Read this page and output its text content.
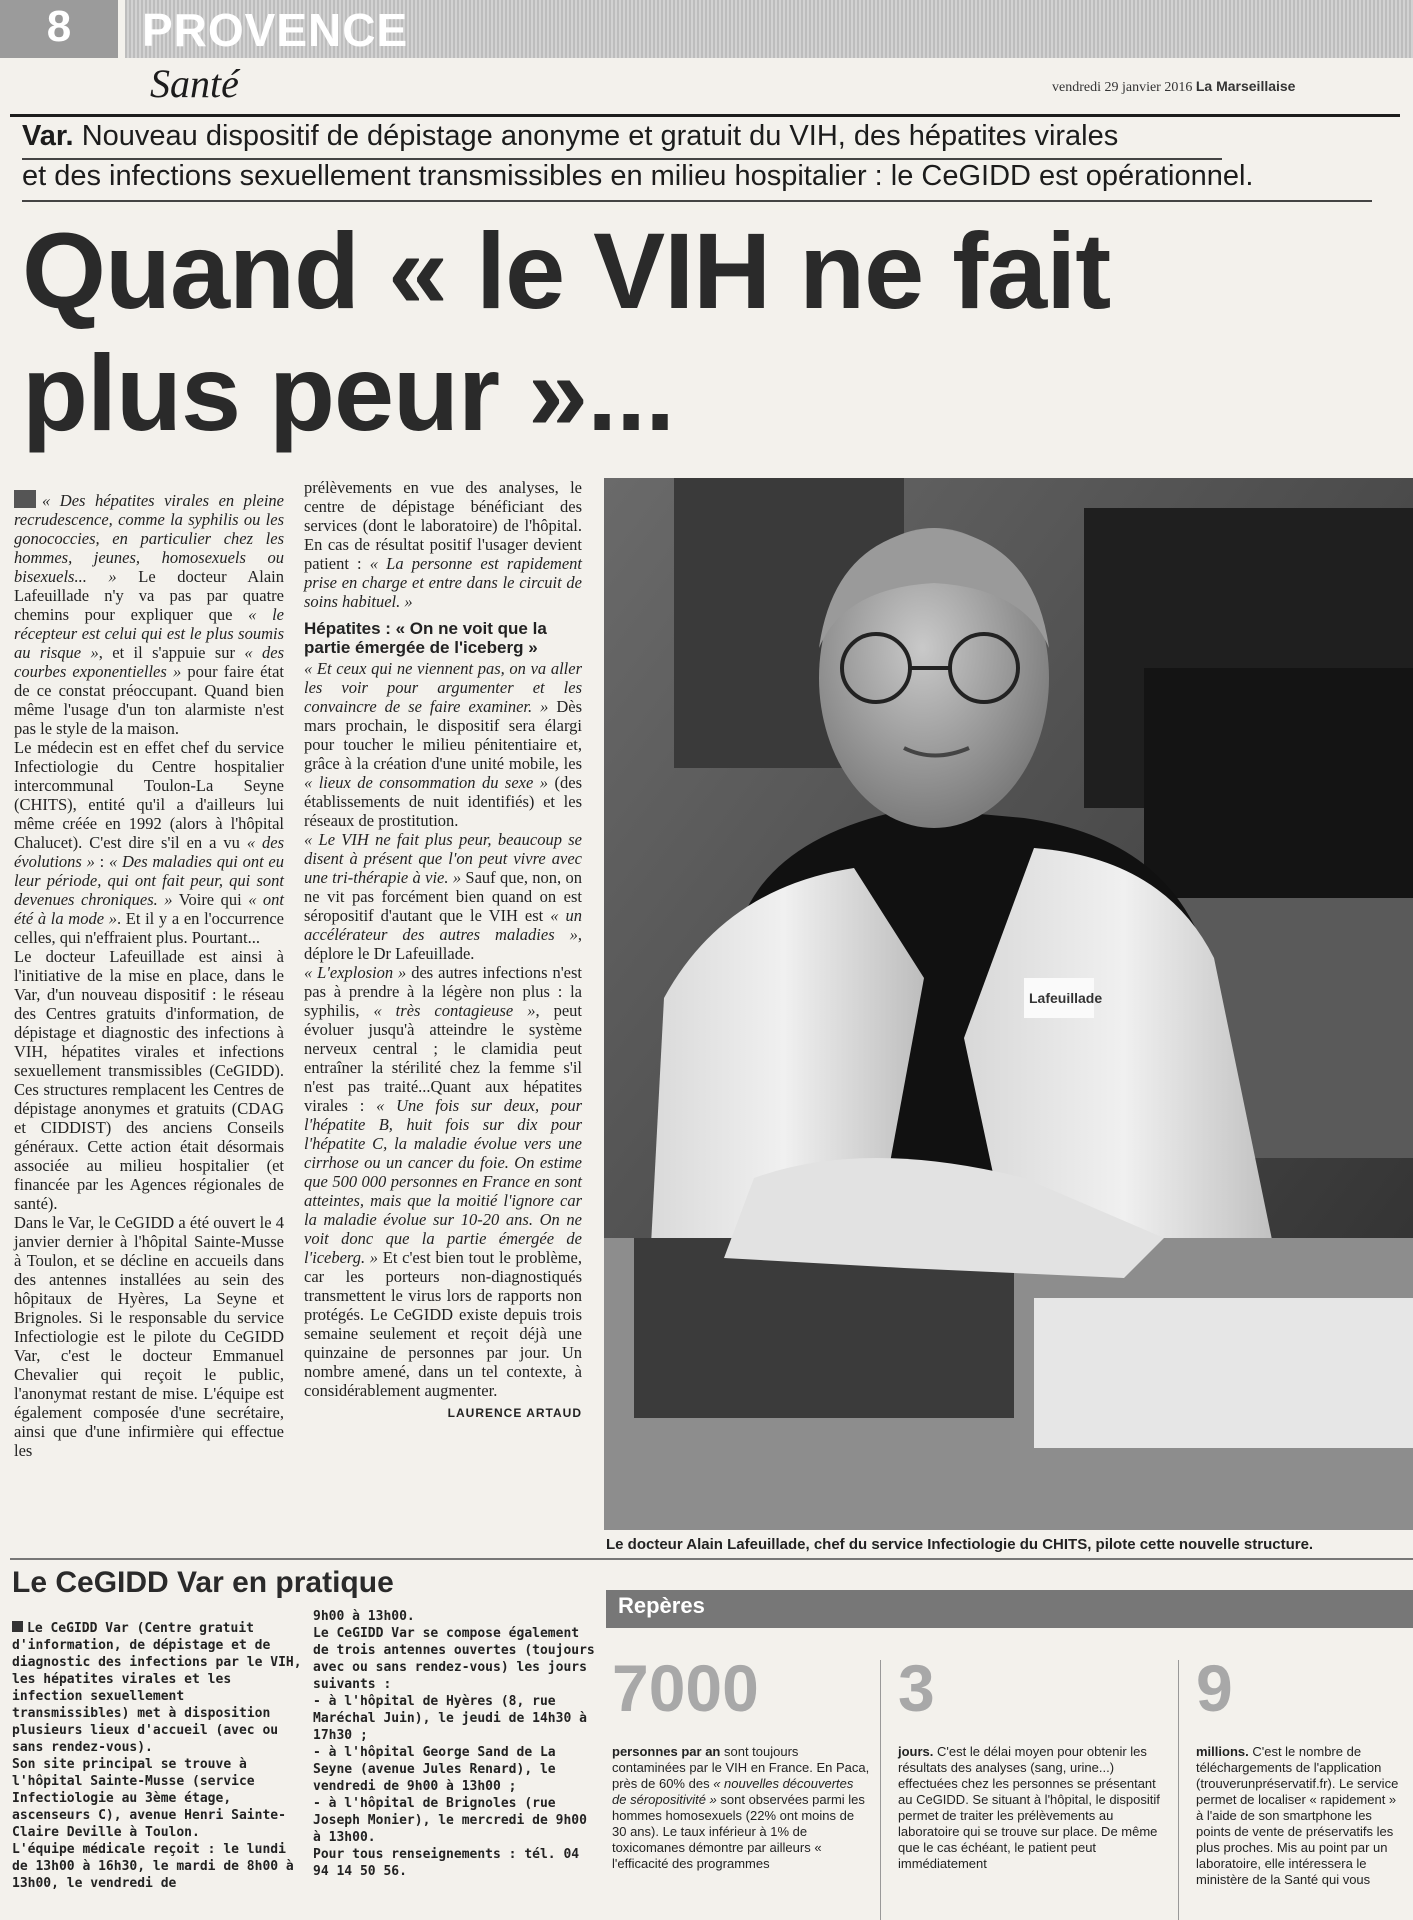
8	PROVENCE
Santé	vendredi 29 janvier 2016 La Marseillaise
Var. Nouveau dispositif de dépistage anonyme et gratuit du VIH, des hépatites virales
et des infections sexuellement transmissibles en milieu hospitalier : le CeGIDD est opérationnel.
Quand « le VIH ne fait
plus peur »...

« Des hépatites virales en pleine recrudescence, comme la syphilis ou les gonococcies, en particulier chez les hommes, jeunes, homosexuels ou bisexuels... » Le docteur Alain Lafeuillade n'y va pas par quatre chemins pour expliquer que « le récepteur est celui qui est le plus soumis au risque », et il s'appuie sur « des courbes exponentielles » pour faire état de ce constat préoccupant. Quand bien même l'usage d'un ton alarmiste n'est pas le style de la maison.

Le médecin est en effet chef du service Infectiologie du Centre hospitalier intercommunal Toulon-La Seyne (CHITS), entité qu'il a d'ailleurs lui même créée en 1992 (alors à l'hôpital Chalucet). C'est dire s'il en a vu « des évolutions » : « Des maladies qui ont eu leur période, qui ont fait peur, qui sont devenues chroniques. » Voire qui « ont été à la mode ». Et il y a en l'occurrence celles, qui n'effraient plus. Pourtant...

Le docteur Lafeuillade est ainsi à l'initiative de la mise en place, dans le Var, d'un nouveau dispositif : le réseau des Centres gratuits d'information, de dépistage et diagnostic des infections à VIH, hépatites virales et infections sexuellement transmissibles (CeGIDD). Ces structures remplacent les Centres de dépistage anonymes et gratuits (CDAG et CIDDIST) des anciens Conseils généraux. Cette action était désormais associée au milieu hospitalier (et financée par les Agences régionales de santé).

Dans le Var, le CeGIDD a été ouvert le 4 janvier dernier à l'hôpital Sainte-Musse à Toulon, et se décline en accueils dans des antennes installées au sein des hôpitaux de Hyères, La Seyne et Brignoles. Si le responsable du service Infectiologie est le pilote du CeGIDD Var, c'est le docteur Emmanuel Chevalier qui reçoit le public, l'anonymat restant de mise. L'équipe est également composée d'une secrétaire, ainsi que d'une infirmière qui effectue les

prélèvements en vue des analyses, le centre de dépistage bénéficiant des services (dont le laboratoire) de l'hôpital. En cas de résultat positif l'usager devient patient : « La personne est rapidement prise en charge et entre dans le circuit de soins habituel. »

Hépatites : « On ne voit que la partie émergée de l'iceberg »

« Et ceux qui ne viennent pas, on va aller les voir pour argumenter et les convaincre de se faire examiner. » Dès mars prochain, le dispositif sera élargi pour toucher le milieu pénitentiaire et, grâce à la création d'une unité mobile, les « lieux de consommation du sexe » (des établissements de nuit identifiés) et les réseaux de prostitution.

« Le VIH ne fait plus peur, beaucoup se disent à présent que l'on peut vivre avec une tri-thérapie à vie. » Sauf que, non, on ne vit pas forcément bien quand on est séropositif d'autant que le VIH est « un accélérateur des autres maladies », déplore le Dr Lafeuillade.

« L'explosion » des autres infections n'est pas à prendre à la légère non plus : la syphilis, « très contagieuse », peut évoluer jusqu'à atteindre le système nerveux central ; le clamidia peut entraîner la stérilité chez la femme s'il n'est pas traité...Quant aux hépatites virales : « Une fois sur deux, pour l'hépatite B, huit fois sur dix pour l'hépatite C, la maladie évolue vers une cirrhose ou un cancer du foie. On estime que 500 000 personnes en France en sont atteintes, mais que la moitié l'ignore car la maladie évolue sur 10-20 ans. On ne voit donc que la partie émergée de l'iceberg. » Et c'est bien tout le problème, car les porteurs non-diagnostiqués transmettent le virus lors de rapports non protégés. Le CeGIDD existe depuis trois semaine seulement et reçoit déjà une quinzaine de personnes par jour. Un nombre amené, dans un tel contexte, à considérablement augmenter.

LAURENCE ARTAUD
Lafeuillade
Le docteur Alain Lafeuillade, chef du service Infectiologie du CHITS, pilote cette nouvelle structure.
Le CeGIDD Var en pratique
Le CeGIDD Var (Centre gratuit d'information, de dépistage et de diagnostic des infections par le VIH, les hépatites virales et les infection sexuellement transmissibles) met à disposition plusieurs lieux d'accueil (avec ou sans rendez-vous).
Son site principal se trouve à l'hôpital Sainte-Musse (service Infectiologie au 3ème étage, ascenseurs C), avenue Henri Sainte-Claire Deville à Toulon.
L'équipe médicale reçoit : le lundi de 13h00 à 16h30, le mardi de 8h00 à 13h00, le vendredi de
9h00 à 13h00.
Le CeGIDD Var se compose également de trois antennes ouvertes (toujours avec ou sans rendez-vous) les jours suivants :
- à l'hôpital de Hyères (8, rue Maréchal Juin), le jeudi de 14h30 à 17h30 ;
- à l'hôpital George Sand de La Seyne (avenue Jules Renard), le vendredi de 9h00 à 13h00 ;
- à l'hôpital de Brignoles (rue Joseph Monier), le mercredi de 9h00 à 13h00.
Pour tous renseignements : tél. 04 94 14 50 56.
Repères
7000
personnes par an sont toujours contaminées par le VIH en France. En Paca, près de 60% des « nouvelles découvertes de séropositivité » sont observées parmi les hommes homosexuels (22% ont moins de 30 ans). Le taux inférieur à 1% de toxicomanes démontre par ailleurs « l'efficacité des programmes
3
jours. C'est le délai moyen pour obtenir les résultats des analyses (sang, urine...) effectuées chez les personnes se présentant au CeGIDD. Se situant à l'hôpital, le dispositif permet de traiter les prélèvements au laboratoire qui se trouve sur place. De même que le cas échéant, le patient peut immédiatement
9
millions. C'est le nombre de téléchargements de l'application (trouverunpréservatif.fr). Le service permet de localiser « rapidement » à l'aide de son smartphone les points de vente de préservatifs les plus proches. Mis au point par un laboratoire, elle intéressera le ministère de la Santé qui vous
